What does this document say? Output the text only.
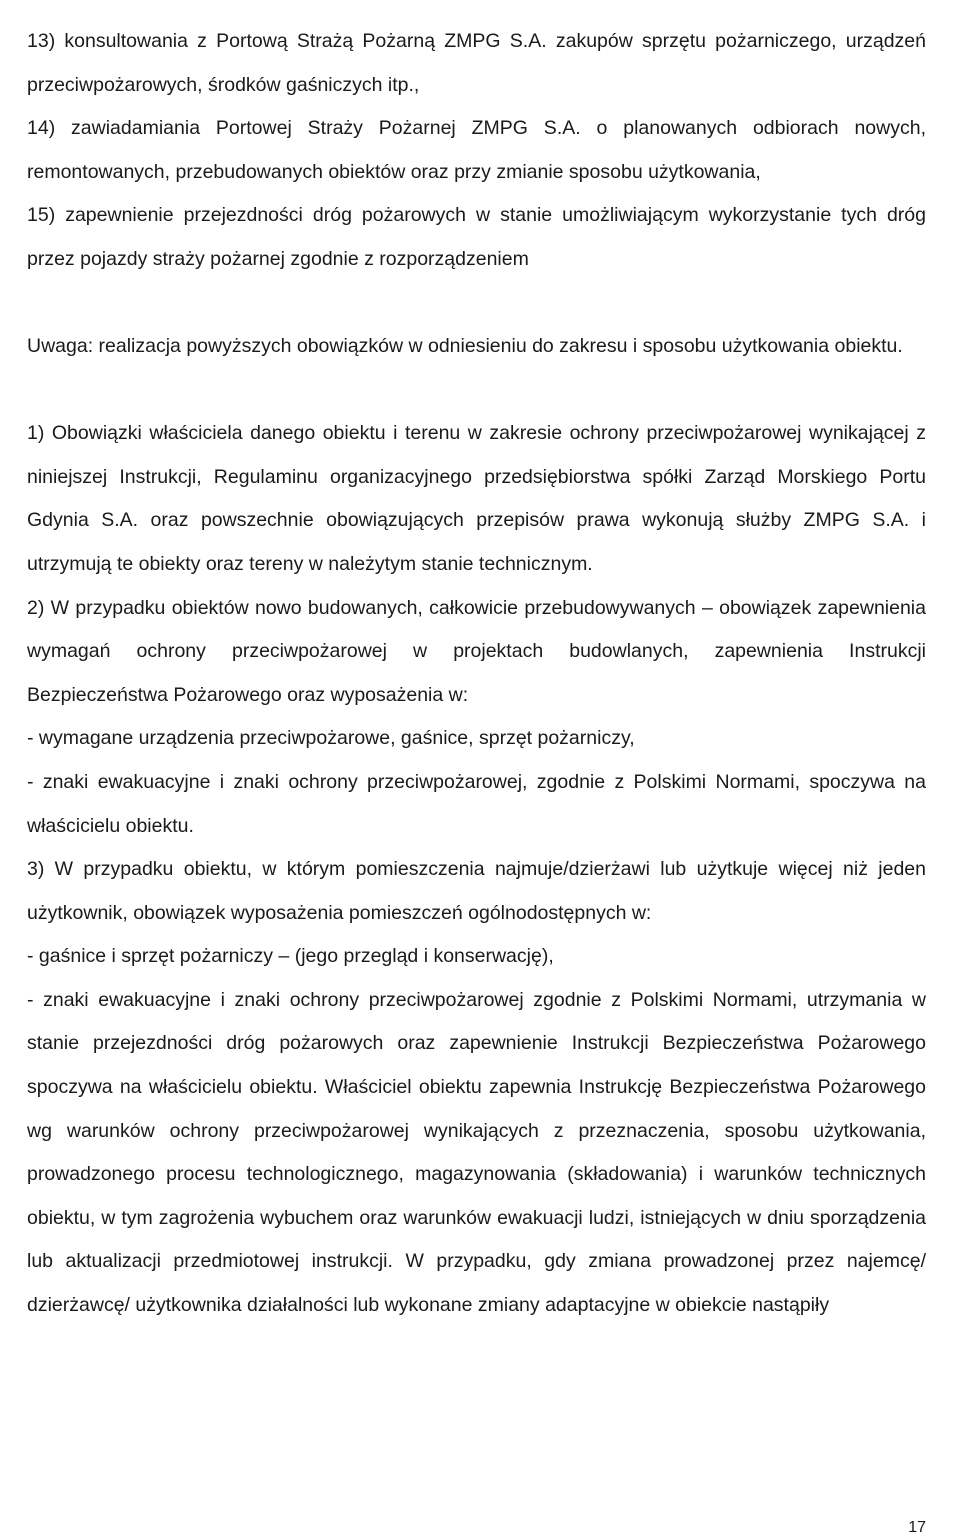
13) konsultowania z Portową Strażą Pożarną ZMPG S.A. zakupów sprzętu pożarniczego, urządzeń przeciwpożarowych, środków gaśniczych itp.,

14) zawiadamiania Portowej Straży Pożarnej ZMPG S.A. o planowanych odbiorach nowych, remontowanych, przebudowanych obiektów oraz przy zmianie sposobu użytkowania,

15) zapewnienie przejezdności dróg pożarowych w stanie umożliwiającym wykorzystanie tych dróg przez pojazdy straży pożarnej zgodnie z rozporządzeniem

Uwaga: realizacja powyższych obowiązków w odniesieniu do zakresu i sposobu użytkowania obiektu.

1) Obowiązki właściciela danego obiektu i terenu w zakresie ochrony przeciwpożarowej wynikającej z niniejszej Instrukcji, Regulaminu organizacyjnego przedsiębiorstwa spółki Zarząd Morskiego Portu Gdynia S.A. oraz powszechnie obowiązujących przepisów prawa wykonują służby ZMPG S.A. i utrzymują te obiekty oraz tereny w należytym stanie technicznym.

2) W przypadku obiektów nowo budowanych, całkowicie przebudowywanych – obowiązek zapewnienia wymagań ochrony przeciwpożarowej w projektach budowlanych, zapewnienia Instrukcji Bezpieczeństwa Pożarowego oraz wyposażenia w:

- wymagane urządzenia przeciwpożarowe, gaśnice, sprzęt pożarniczy,

- znaki ewakuacyjne i znaki ochrony przeciwpożarowej, zgodnie z Polskimi Normami, spoczywa na właścicielu obiektu.

3) W przypadku obiektu, w którym pomieszczenia najmuje/dzierżawi lub użytkuje więcej niż jeden użytkownik, obowiązek wyposażenia pomieszczeń ogólnodostępnych w:

- gaśnice i sprzęt pożarniczy – (jego przegląd i konserwację),

- znaki ewakuacyjne i znaki ochrony przeciwpożarowej zgodnie z Polskimi Normami, utrzymania w stanie przejezdności dróg pożarowych oraz zapewnienie Instrukcji Bezpieczeństwa Pożarowego spoczywa na właścicielu obiektu. Właściciel obiektu zapewnia Instrukcję Bezpieczeństwa Pożarowego wg warunków ochrony przeciwpożarowej wynikających z przeznaczenia, sposobu użytkowania, prowadzonego procesu technologicznego, magazynowania (składowania) i warunków technicznych obiektu, w tym zagrożenia wybuchem oraz warunków ewakuacji ludzi, istniejących w dniu sporządzenia lub aktualizacji przedmiotowej instrukcji. W przypadku, gdy zmiana prowadzonej przez najemcę/ dzierżawcę/ użytkownika działalności lub wykonane zmiany adaptacyjne w obiekcie nastąpiły

17
